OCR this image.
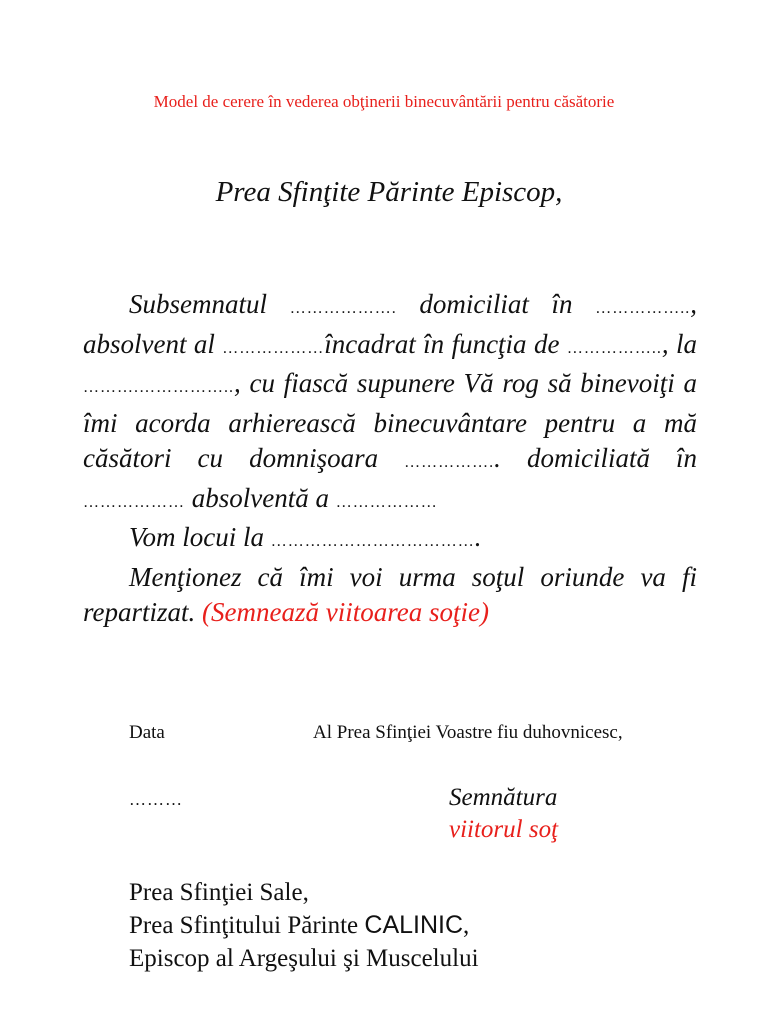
Model de cerere în vederea obţinerii binecuvântării pentru căsătorie
Prea Sfinţite Părinte Episcop,

Subsemnatul ………………. domiciliat în …………….., absolvent al ………………încadrat în funcţia de …………….., la ……….…………….., cu fiască supunere Vă rog să binevoiţi a îmi acorda arhierească binecuvântare pentru a mă căsători cu domnişoara …………….. domiciliată în ……………… absolventă a ………………

Vom locui la ……………………………….

Menţionez că îmi voi urma soţul oriunde va fi repartizat. (Semnează viitoarea soţie)

Data	Al Prea Sfinţiei Voastre fiu duhovnicesc,
………	Semnătura
viitorul soţ
Prea Sfinţiei Sale,
Prea Sfinţitului Părinte CALINIC,
Episcop al Argeşului şi Muscelului
